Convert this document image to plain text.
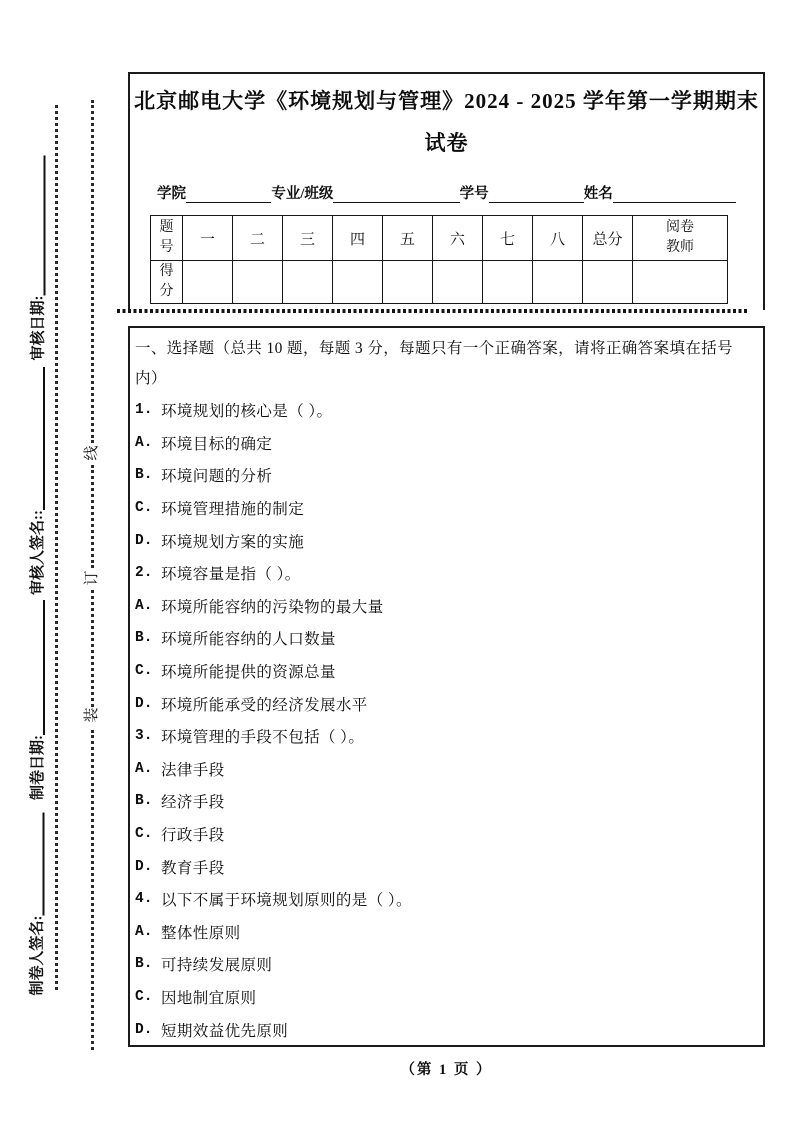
线
订
装
审核日期:
审核人签名::
制卷日期:
制卷人签名:
北京邮电大学《环境规划与管理》2024 - 2025 学年第一学期期末
试卷
学院	专业/班级	学号	姓名
题号	一	二	三	四	五	六	七	八	总分	阅卷教师
得分										
一、选择题（总共 10 题，每题 3 分，每题只有一个正确答案，请将正确答案填在括号内）
1. 环境规划的核心是（ ）。
A. 环境目标的确定
B. 环境问题的分析
C. 环境管理措施的制定
D. 环境规划方案的实施
2. 环境容量是指（ ）。
A. 环境所能容纳的污染物的最大量
B. 环境所能容纳的人口数量
C. 环境所能提供的资源总量
D. 环境所能承受的经济发展水平
3. 环境管理的手段不包括（ ）。
A. 法律手段
B. 经济手段
C. 行政手段
D. 教育手段
4. 以下不属于环境规划原则的是（ ）。
A. 整体性原则
B. 可持续发展原则
C. 因地制宜原则
D. 短期效益优先原则
（第 1 页 ）
